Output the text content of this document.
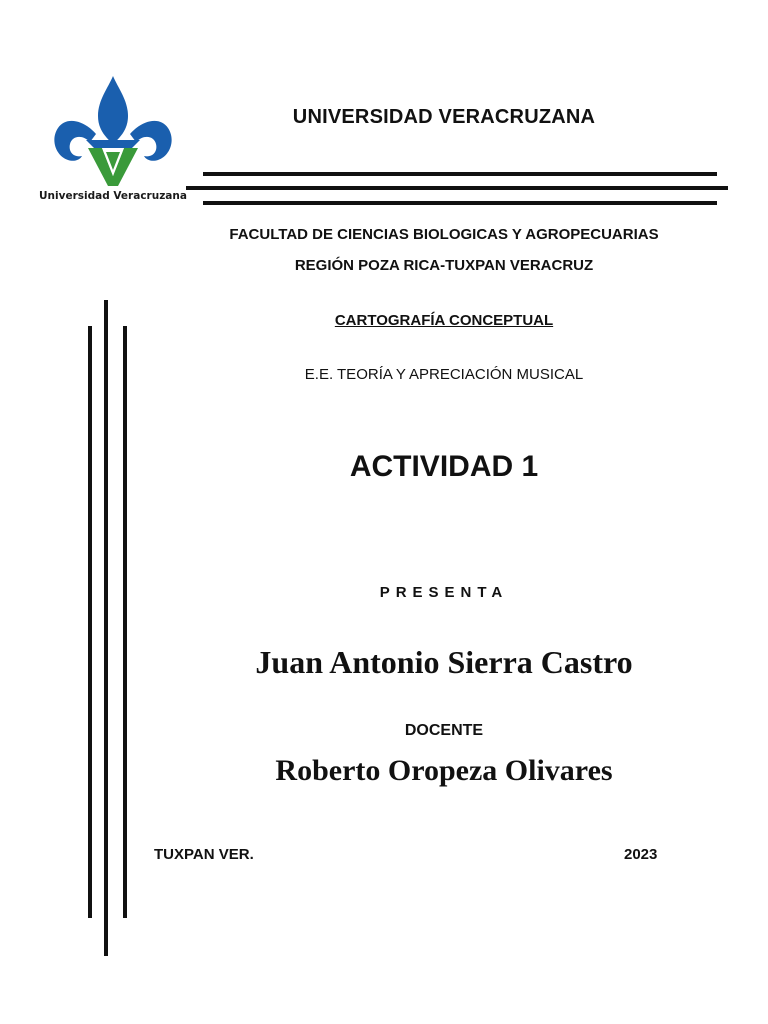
Universidad Veracruzana
UNIVERSIDAD VERACRUZANA
FACULTAD DE CIENCIAS BIOLOGICAS Y AGROPECUARIAS
REGIÓN POZA RICA-TUXPAN VERACRUZ
CARTOGRAFÍA CONCEPTUAL
E.E. TEORÍA Y APRECIACIÓN MUSICAL
ACTIVIDAD 1
PRESENTA
Juan Antonio Sierra Castro
DOCENTE
Roberto Oropeza Olivares
TUXPAN VER.	2023
